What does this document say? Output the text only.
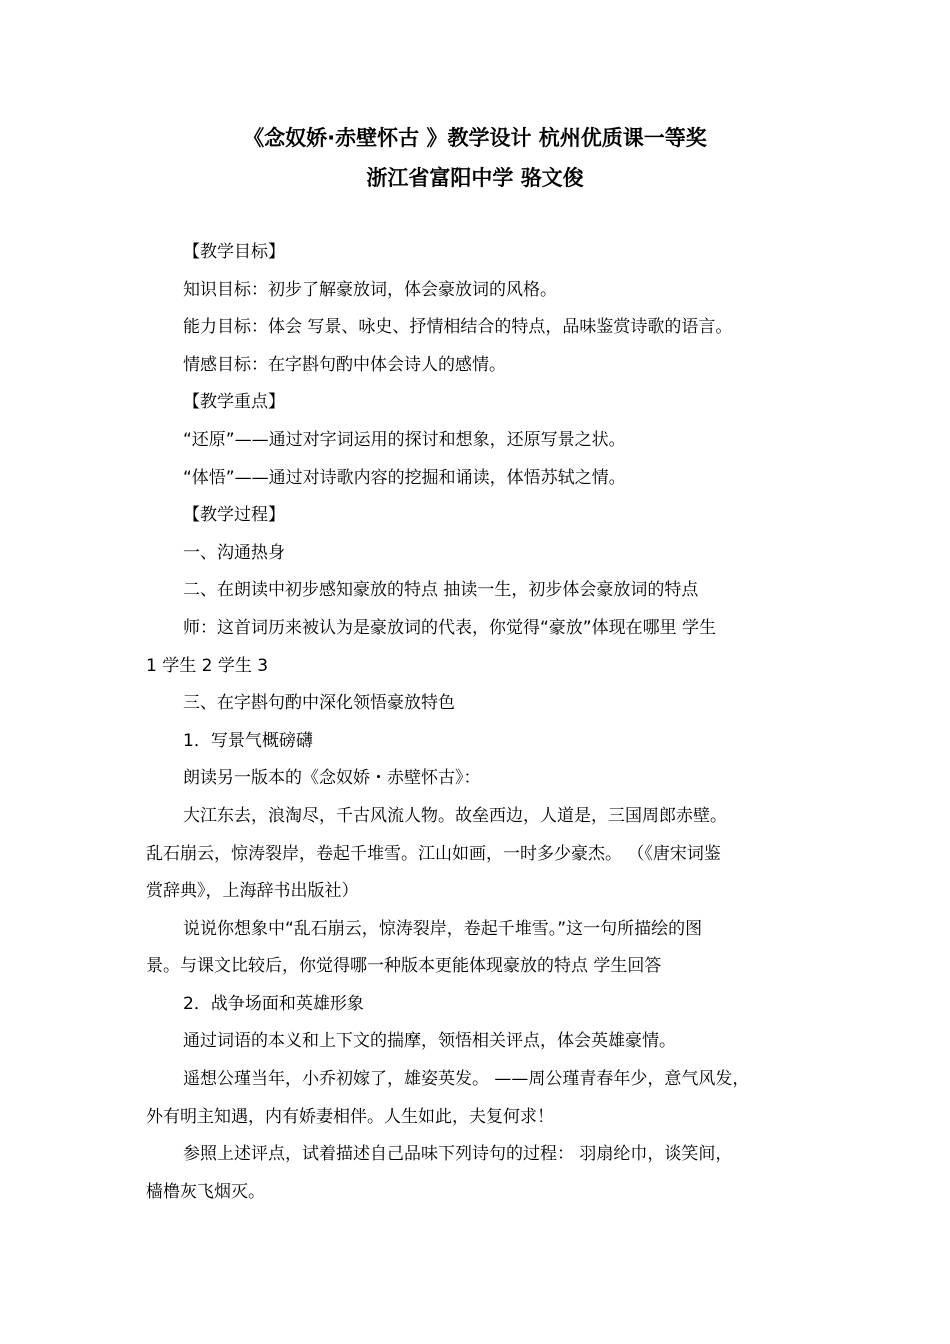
《念奴娇·赤壁怀古 》教学设计 杭州优质课一等奖
浙江省富阳中学 骆文俊
【教学目标】
知识目标：初步了解豪放词，体会豪放词的风格。
能力目标：体会 写景、咏史、抒情相结合的特点，品味鉴赏诗歌的语言。
情感目标：在字斟句酌中体会诗人的感情。
【教学重点】
“还原”——通过对字词运用的探讨和想象，还原写景之状。
“体悟”——通过对诗歌内容的挖掘和诵读，体悟苏轼之情。
【教学过程】
一、沟通热身
二、在朗读中初步感知豪放的特点 抽读一生，初步体会豪放词的特点
师：这首词历来被认为是豪放词的代表，你觉得“豪放”体现在哪里 学生
1 学生 2 学生 3
三、在字斟句酌中深化领悟豪放特色
1．写景气概磅礴
朗读另一版本的《念奴娇・赤壁怀古》：
大江东去，浪淘尽，千古风流人物。故垒西边，人道是，三国周郎赤壁。
乱石崩云，惊涛裂岸，卷起千堆雪。江山如画，一时多少豪杰。 （《唐宋词鉴
赏辞典》，上海辞书出版社）
说说你想象中“乱石崩云，惊涛裂岸，卷起千堆雪。”这一句所描绘的图
景。与课文比较后，你觉得哪一种版本更能体现豪放的特点 学生回答
2．战争场面和英雄形象
通过词语的本义和上下文的揣摩，领悟相关评点，体会英雄豪情。
遥想公瑾当年，小乔初嫁了，雄姿英发。 ——周公瑾青春年少，意气风发，
外有明主知遇，内有娇妻相伴。人生如此，夫复何求！
参照上述评点，试着描述自己品味下列诗句的过程： 羽扇纶巾，谈笑间，
樯橹灰飞烟灭。
